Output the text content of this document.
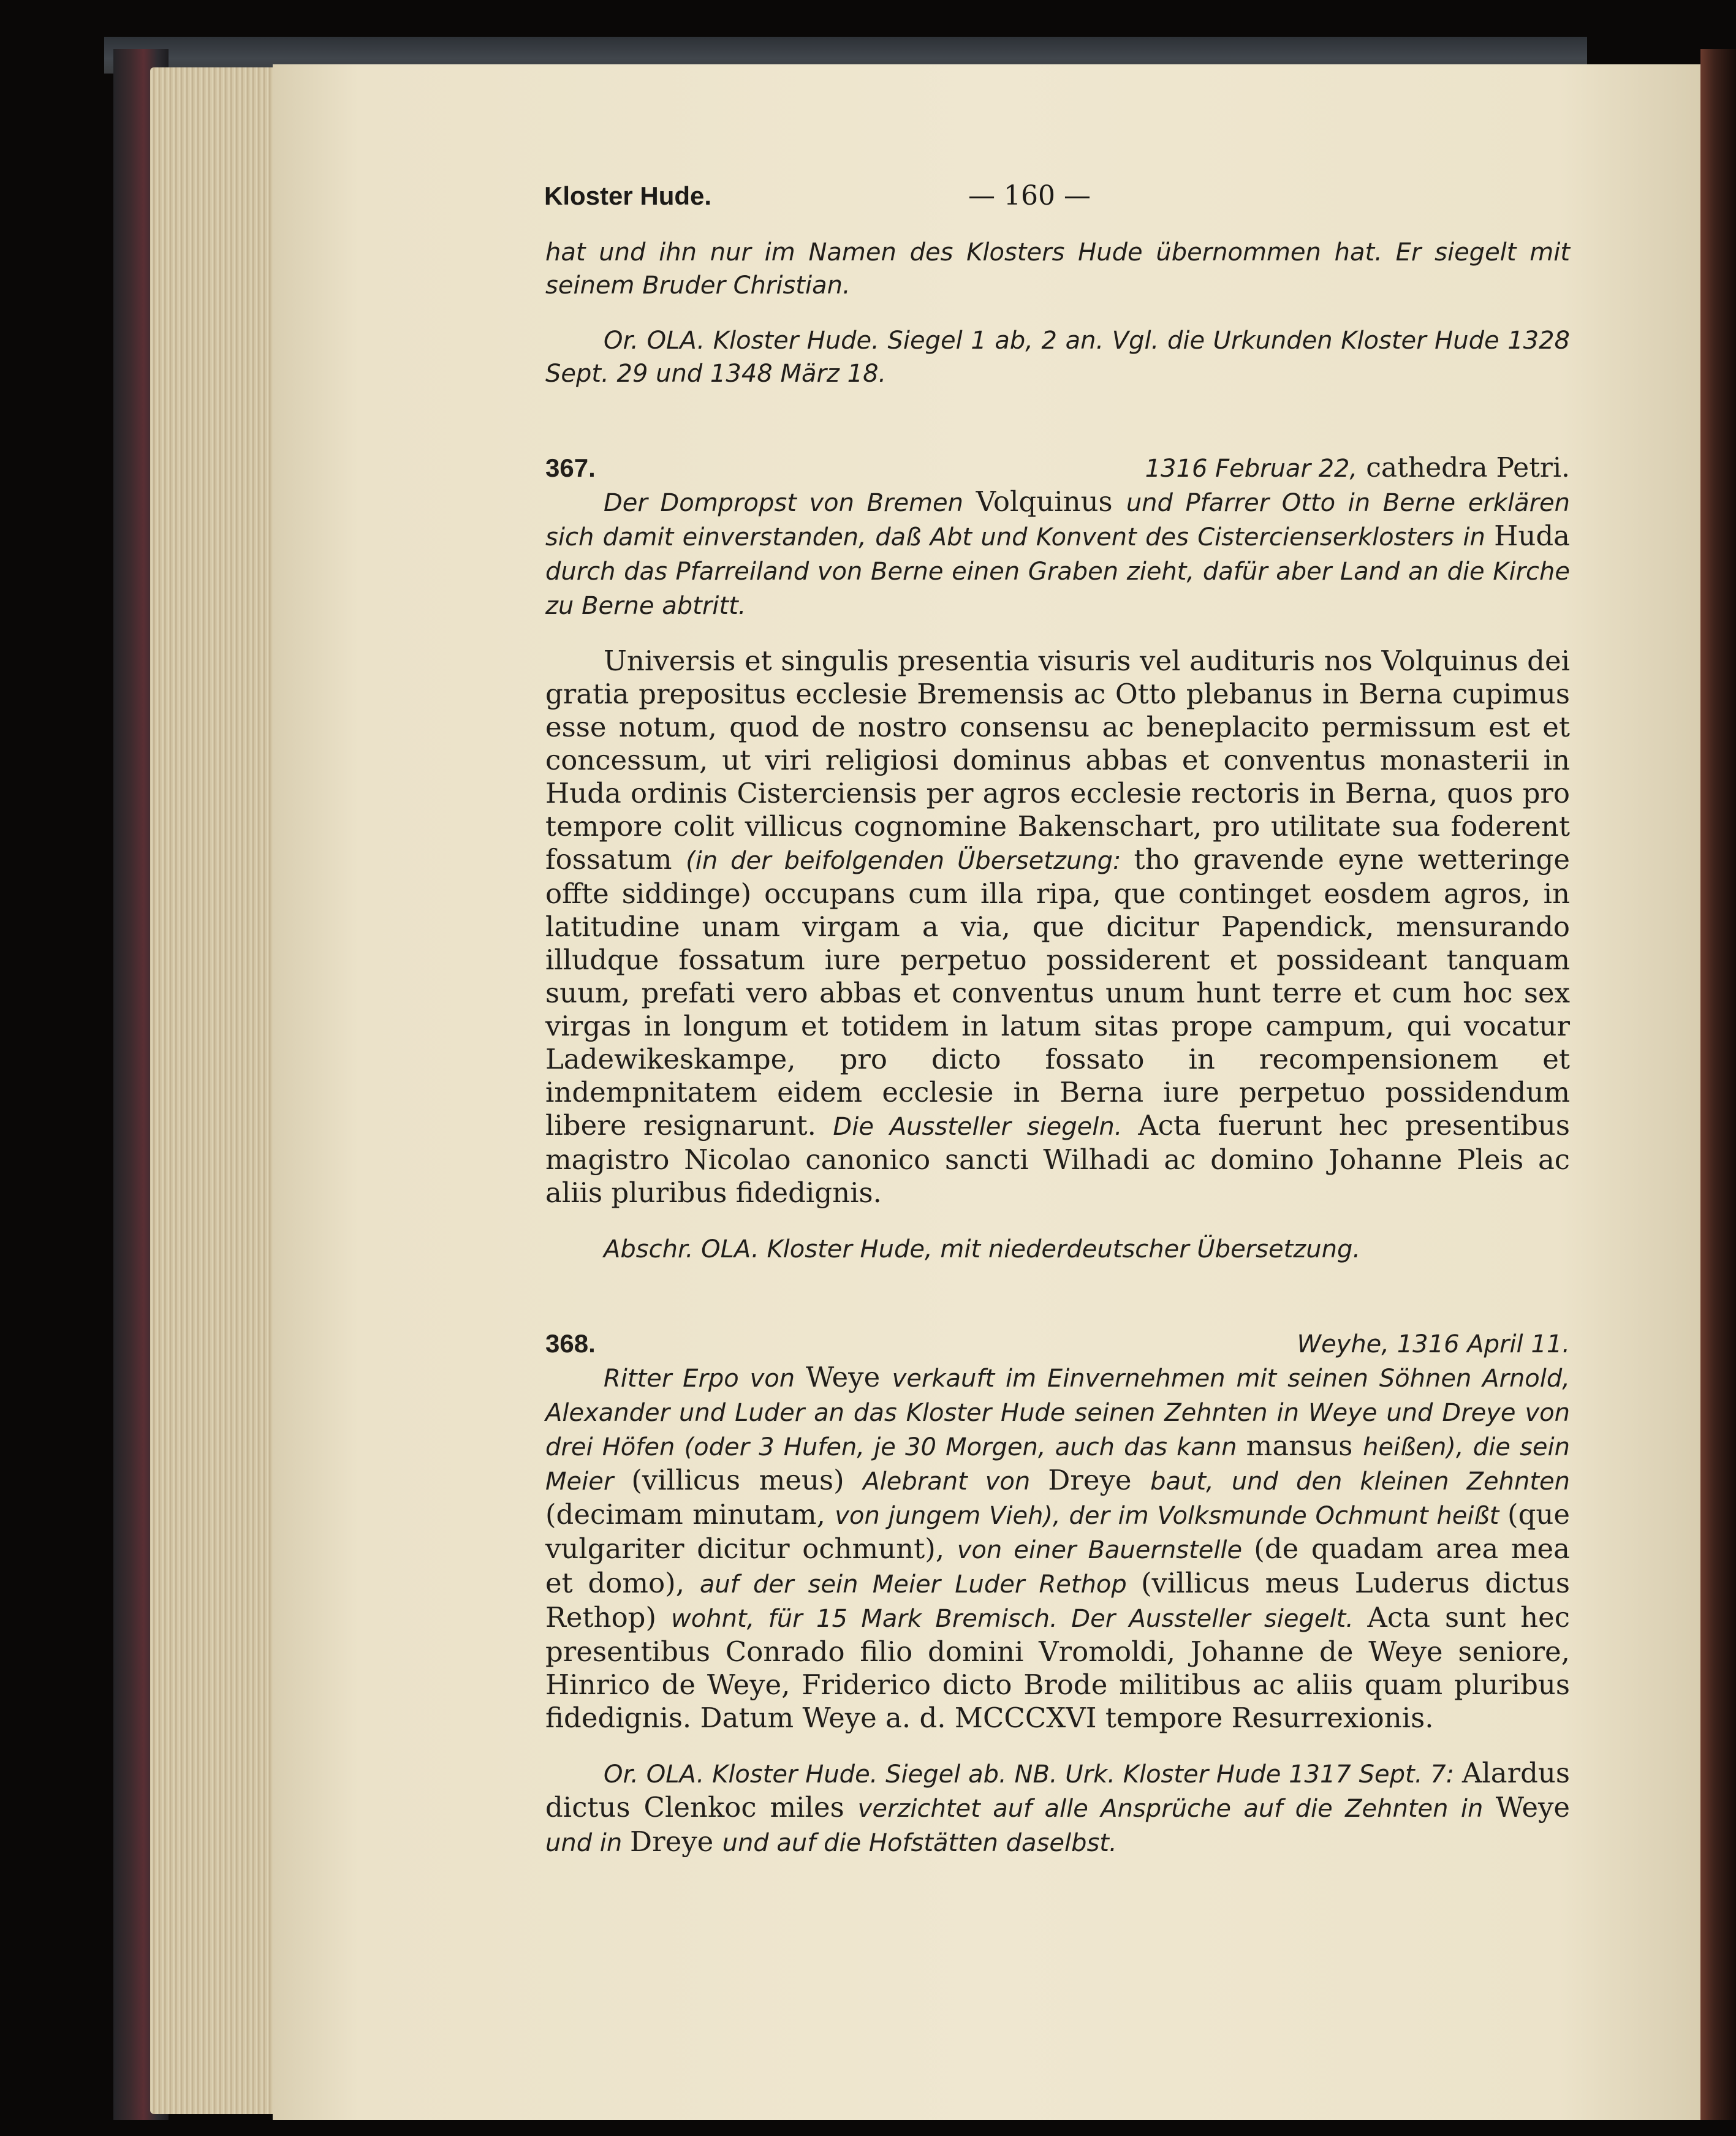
Kloster Hude.	— 160 —

hat und ihn nur im Namen des Klosters Hude übernommen hat. Er siegelt mit seinem Bruder Christian.

Or. OLA. Kloster Hude. Siegel 1 ab, 2 an. Vgl. die Urkunden Kloster Hude 1328 Sept. 29 und 1348 März 18.

367.	1316 Februar 22, cathedra Petri.

Der Dompropst von Bremen Volquinus und Pfarrer Otto in Berne erklären sich damit einverstanden, daß Abt und Konvent des Cistercienserklosters in Huda durch das Pfarreiland von Berne einen Graben zieht, dafür aber Land an die Kirche zu Berne abtritt.

Universis et singulis presentia visuris vel audituris nos Volquinus dei gratia prepositus ecclesie Bremensis ac Otto plebanus in Berna cupimus esse notum, quod de nostro consensu ac beneplacito permissum est et concessum, ut viri religiosi dominus abbas et conventus monasterii in Huda ordinis Cisterciensis per agros ecclesie rectoris in Berna, quos pro tempore colit villicus cognomine Bakenschart, pro utilitate sua foderent fossatum (in der beifolgenden Übersetzung: tho gravende eyne wetteringe offte siddinge) occupans cum illa ripa, que continget eosdem agros, in latitudine unam virgam a via, que dicitur Papendick, mensurando illudque fossatum iure perpetuo possiderent et possideant tanquam suum, prefati vero abbas et conventus unum hunt terre et cum hoc sex virgas in longum et totidem in latum sitas prope campum, qui vocatur Ladewikeskampe, pro dicto fossato in recompensionem et indempnitatem eidem ecclesie in Berna iure perpetuo possidendum libere resignarunt. Die Aussteller siegeln. Acta fuerunt hec presentibus magistro Nicolao canonico sancti Wilhadi ac domino Johanne Pleis ac aliis pluribus fidedignis.

Abschr. OLA. Kloster Hude, mit niederdeutscher Übersetzung.

368.	Weyhe, 1316 April 11.

Ritter Erpo von Weye verkauft im Einvernehmen mit seinen Söhnen Arnold, Alexander und Luder an das Kloster Hude seinen Zehnten in Weye und Dreye von drei Höfen (oder 3 Hufen, je 30 Morgen, auch das kann mansus heißen), die sein Meier (villicus meus) Alebrant von Dreye baut, und den kleinen Zehnten (decimam minutam, von jungem Vieh), der im Volksmunde Ochmunt heißt (que vulgariter dicitur ochmunt), von einer Bauernstelle (de quadam area mea et domo), auf der sein Meier Luder Rethop (villicus meus Luderus dictus Rethop) wohnt, für 15 Mark Bremisch. Der Aussteller siegelt. Acta sunt hec presentibus Conrado filio domini Vromoldi, Johanne de Weye seniore, Hinrico de Weye, Friderico dicto Brode militibus ac aliis quam pluribus fidedignis. Datum Weye a. d. MCCCXVI tempore Resurrexionis.

Or. OLA. Kloster Hude. Siegel ab. NB. Urk. Kloster Hude 1317 Sept. 7: Alardus dictus Clenkoc miles verzichtet auf alle Ansprüche auf die Zehnten in Weye und in Dreye und auf die Hofstätten daselbst.
